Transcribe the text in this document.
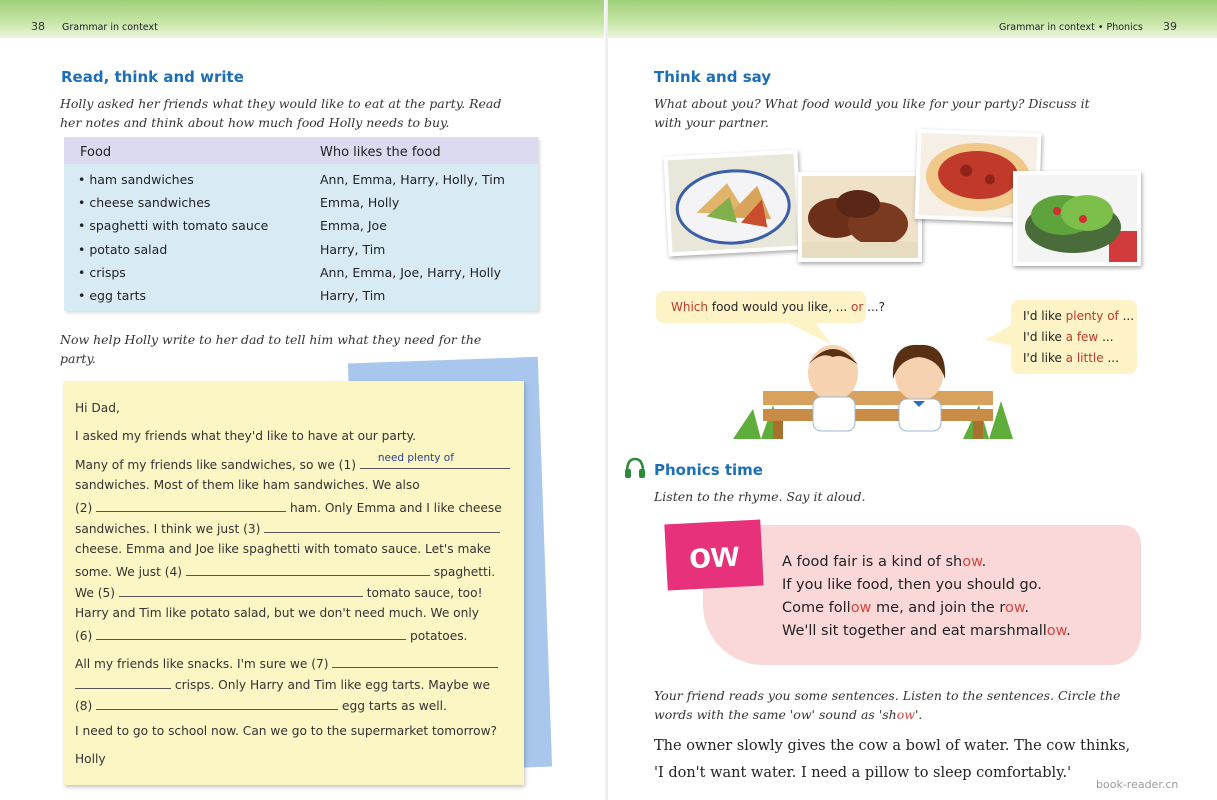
38 Grammar in context
Read, think and write
Holly asked her friends what they would like to eat at the party. Read
her notes and think about how much food Holly needs to buy.
Food	Who likes the food
• ham sandwiches	Ann, Emma, Harry, Holly, Tim
• cheese sandwiches	Emma, Holly
• spaghetti with tomato sauce	Emma, Joe
• potato salad	Harry, Tim
• crisps	Ann, Emma, Joe, Harry, Holly
• egg tarts	Harry, Tim
Now help Holly write to her dad to tell him what they need for the
party.
Hi Dad,
I asked my friends what they'd like to have at our party.
Many of my friends like sandwiches, so we (1) need plenty of
sandwiches. Most of them like ham sandwiches. We also
(2)	ham. Only Emma and I like cheese
sandwiches. I think we just (3)
cheese. Emma and Joe like spaghetti with tomato sauce. Let's make
some. We just (4)	spaghetti.
We (5)	tomato sauce, too!
Harry and Tim like potato salad, but we don't need much. We only
(6)	potatoes.
All my friends like snacks. I'm sure we (7)
crisps. Only Harry and Tim like egg tarts. Maybe we
(8)	egg tarts as well.
I need to go to school now. Can we go to the supermarket tomorrow?
Holly
Grammar in context • Phonics 39
Think and say
What about you? What food would you like for your party? Discuss it
with your partner.
Which food would you like, ... or ...?
I'd like plenty of ...
I'd like a few ...
I'd like a little ...
Phonics time
Listen to the rhyme. Say it aloud.
ow	A food fair is a kind of show.
If you like food, then you should go.
Come follow me, and join the row.
We'll sit together and eat marshmallow.
Your friend reads you some sentences. Listen to the sentences. Circle the
words with the same 'ow' sound as 'show'.
The owner slowly gives the cow a bowl of water. The cow thinks,
'I don't want water. I need a pillow to sleep comfortably.'
book-reader.cn
